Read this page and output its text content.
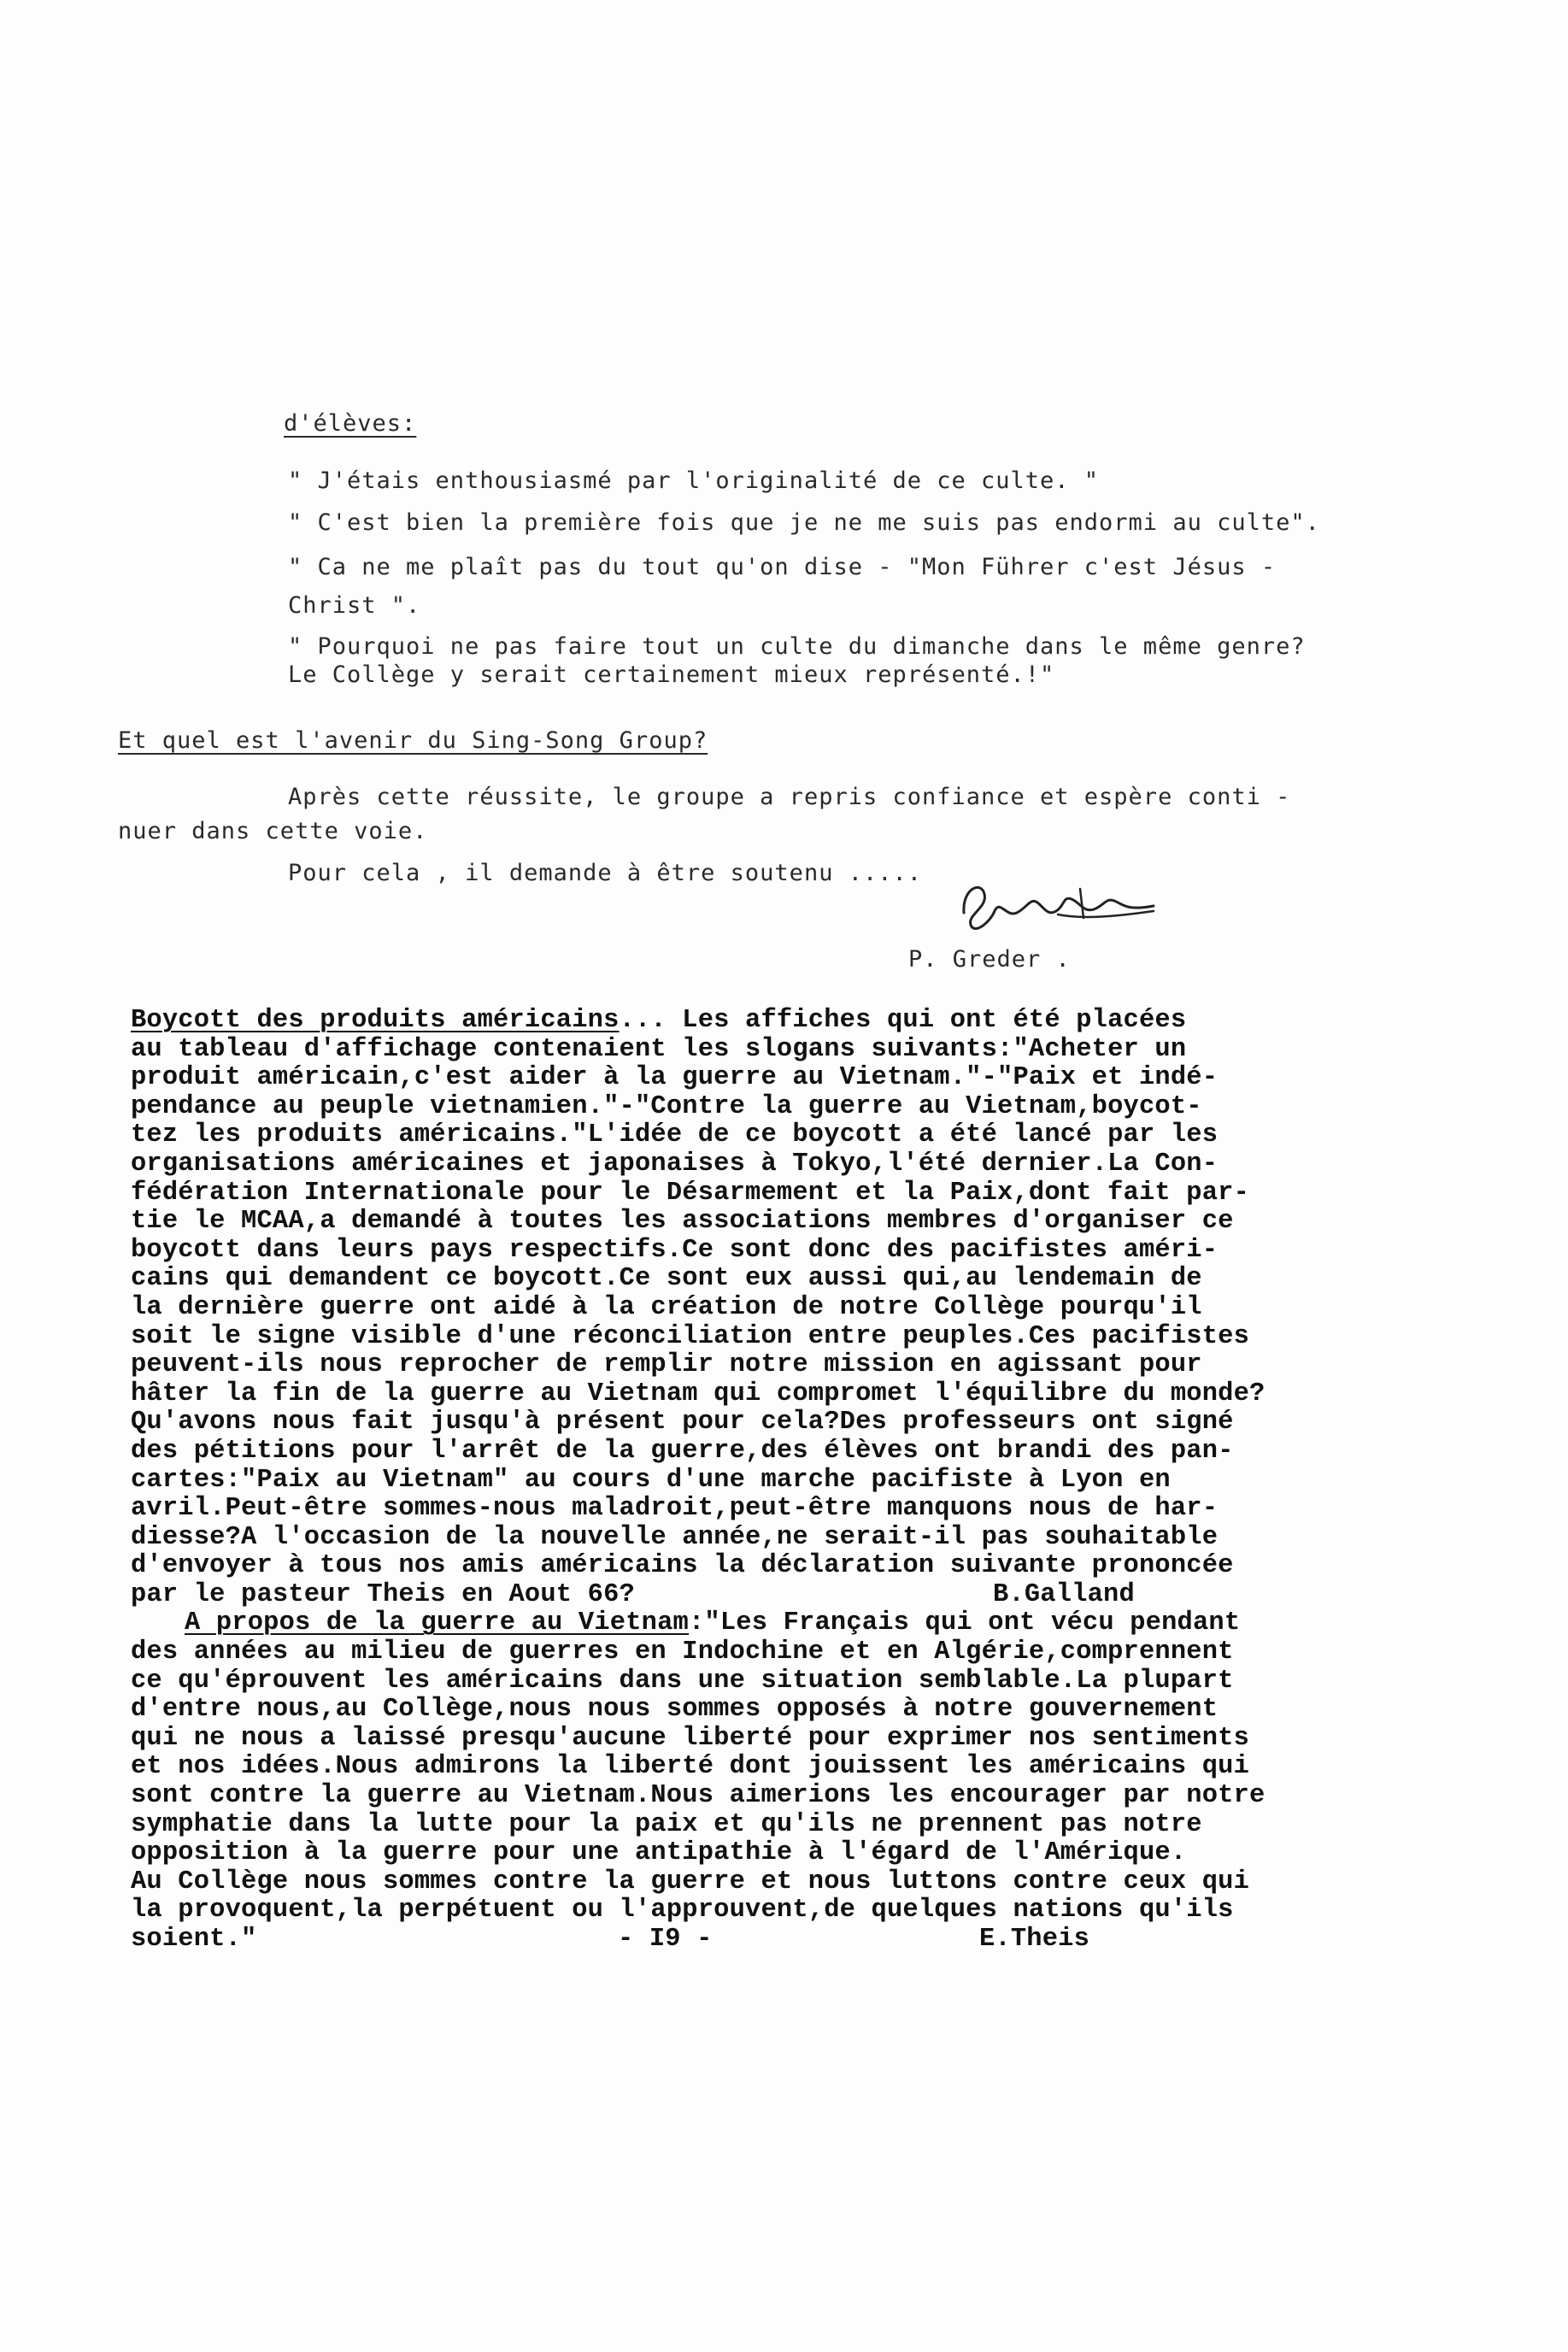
d'élèves:
" J'étais enthousiasmé par l'originalité de ce culte. "
" C'est bien la première fois que je ne me suis pas endormi au culte".
" Ca ne me plaît pas du tout qu'on dise - "Mon Führer c'est Jésus -
Christ ".
" Pourquoi ne pas faire tout un culte du dimanche dans le même genre?
Le Collège y serait certainement mieux représenté.!"
Et quel est l'avenir du Sing-Song Group?
Après cette réussite, le groupe a repris confiance et espère conti -
nuer dans cette voie.
Pour cela , il demande à être soutenu .....
P. Greder .
Boycott des produits américains... Les affiches qui ont été placées
au tableau d'affichage contenaient les slogans suivants:"Acheter un
produit américain,c'est aider à la guerre au Vietnam."-"Paix et indé-
pendance au peuple vietnamien."-"Contre la guerre au Vietnam,boycot-
tez les produits américains."L'idée de ce boycott a été lancé par les
organisations américaines et japonaises à Tokyo,l'été dernier.La Con-
fédération Internationale pour le Désarmement et la Paix,dont fait par-
tie le MCAA,a demandé à toutes les associations membres d'organiser ce
boycott dans leurs pays respectifs.Ce sont donc des pacifistes améri-
cains qui demandent ce boycott.Ce sont eux aussi qui,au lendemain de
la dernière guerre ont aidé à la création de notre Collège pourqu'il
soit le signe visible d'une réconciliation entre peuples.Ces pacifistes
peuvent-ils nous reprocher de remplir notre mission en agissant pour
hâter la fin de la guerre au Vietnam qui compromet l'équilibre du monde?
Qu'avons nous fait jusqu'à présent pour cela?Des professeurs ont signé
des pétitions pour l'arrêt de la guerre,des élèves ont brandi des pan-
cartes:"Paix au Vietnam" au cours d'une marche pacifiste à Lyon en
avril.Peut-être sommes-nous maladroit,peut-être manquons nous de har-
diesse?A l'occasion de la nouvelle année,ne serait-il pas souhaitable
d'envoyer à tous nos amis américains la déclaration suivante prononcée
par le pasteur Theis en Aout 66?	B.Galland
A propos de la guerre au Vietnam:"Les Français qui ont vécu pendant
des années au milieu de guerres en Indochine et en Algérie,comprennent
ce qu'éprouvent les américains dans une situation semblable.La plupart
d'entre nous,au Collège,nous nous sommes opposés à notre gouvernement
qui ne nous a laissé presqu'aucune liberté pour exprimer nos sentiments
et nos idées.Nous admirons la liberté dont jouissent les américains qui
sont contre la guerre au Vietnam.Nous aimerions les encourager par notre
symphatie dans la lutte pour la paix et qu'ils ne prennent pas notre
opposition à la guerre pour une antipathie à l'égard de l'Amérique.
Au Collège nous sommes contre la guerre et nous luttons contre ceux qui
la provoquent,la perpétuent ou l'approuvent,de quelques nations qu'ils
soient."	- I9 -	E.Theis
